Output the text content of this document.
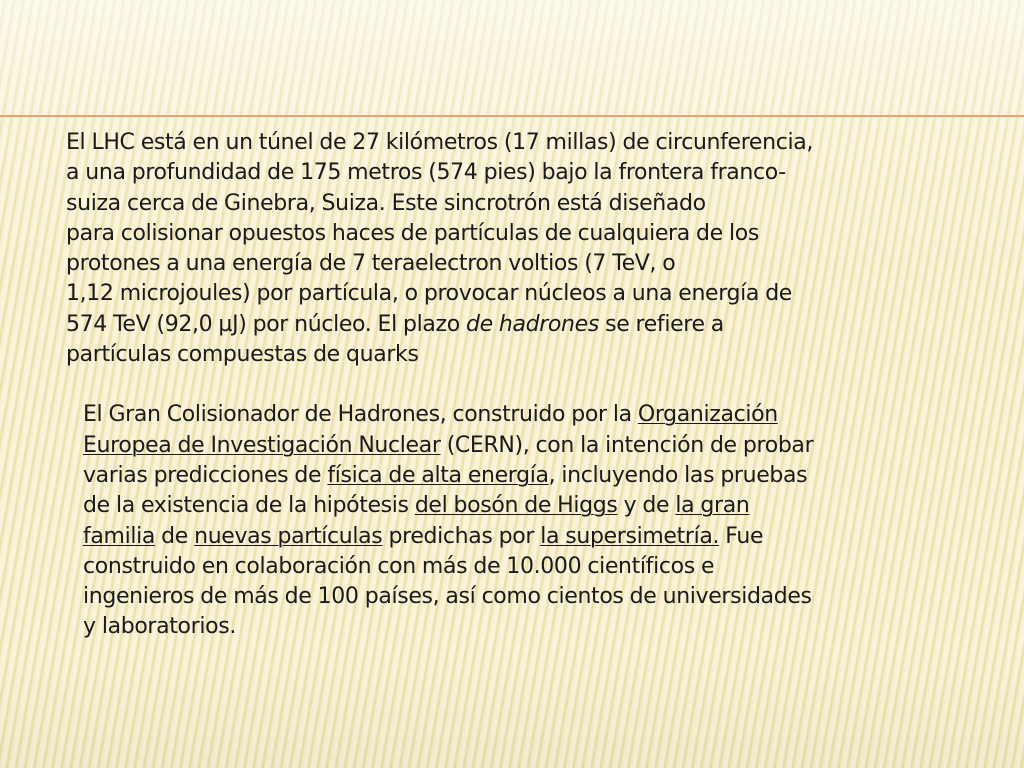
El LHC está en un túnel de 27 kilómetros (17 millas) de circunferencia,
a una profundidad de 175 metros (574 pies) bajo la frontera franco-
suiza cerca de Ginebra, Suiza. Este sincrotrón está diseñado
para colisionar opuestos haces de partículas de cualquiera de los
protones a una energía de 7 teraelectron voltios (7 TeV, o
1,12 microjoules) por partícula, o provocar núcleos a una energía de
574 TeV (92,0 µJ) por núcleo. El plazo de hadrones se refiere a
partículas compuestas de quarks

El Gran Colisionador de Hadrones, construido por la Organización
Europea de Investigación Nuclear (CERN), con la intención de probar
varias predicciones de física de alta energía, incluyendo las pruebas
de la existencia de la hipótesis del bosón de Higgs y de la gran
familia de nuevas partículas predichas por la supersimetría. Fue
construido en colaboración con más de 10.000 científicos e
ingenieros de más de 100 países, así como cientos de universidades
y laboratorios.
